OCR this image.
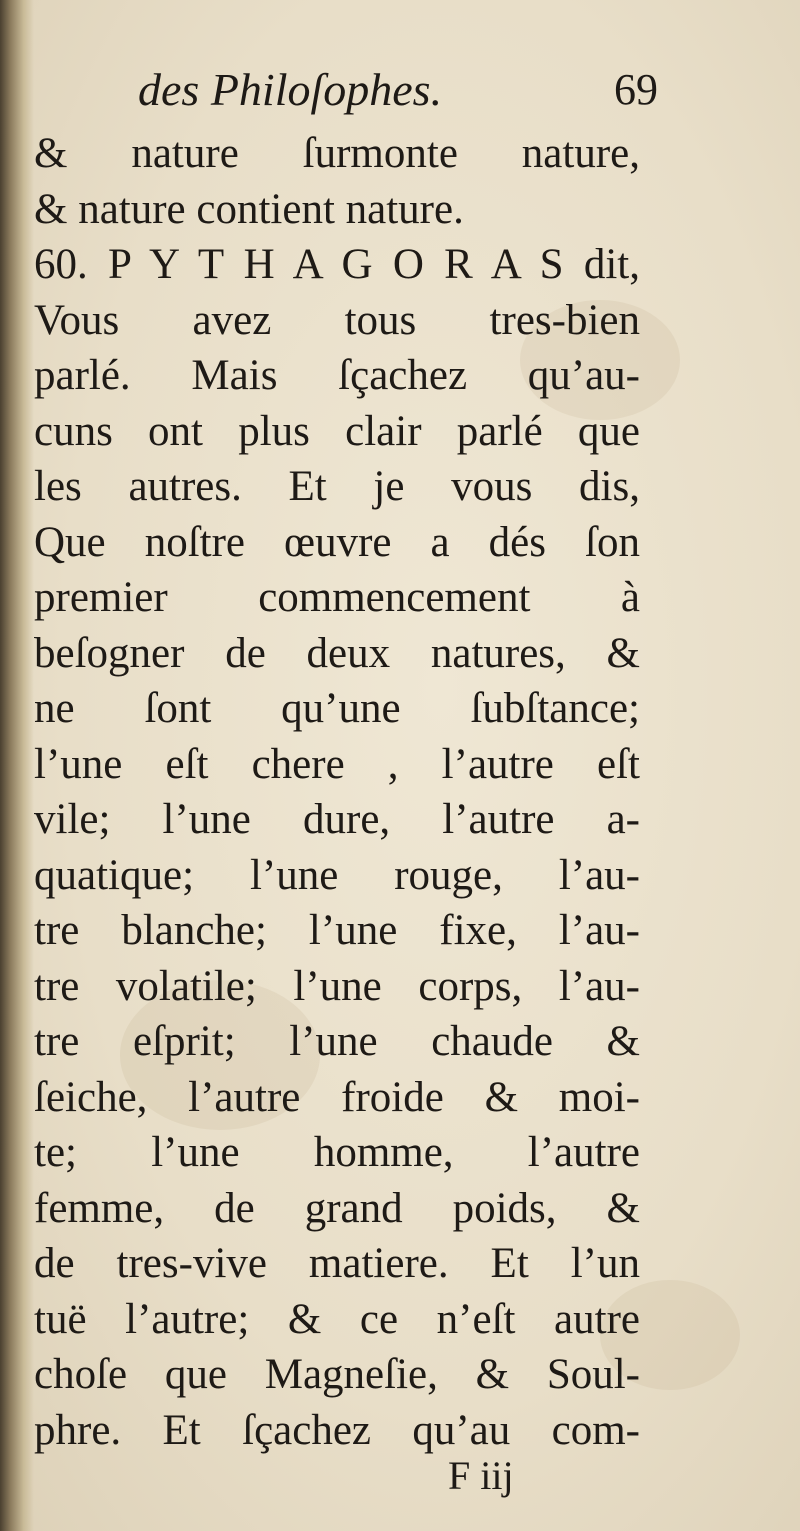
des Philoſophes.	69
& nature ſurmonte nature,
& nature contient nature.
60. P Y T H A G O R A S dit,
Vous avez tous tres-bien
parlé. Mais ſçachez qu’au-
cuns ont plus clair parlé que
les autres. Et je vous dis,
Que noſtre œuvre a dés ſon
premier commencement à
beſogner de deux natures, &
ne ſont qu’une ſubſtance;
l’une eſt chere , l’autre eſt
vile; l’une dure, l’autre a-
quatique; l’une rouge, l’au-
tre blanche; l’une fixe, l’au-
tre volatile; l’une corps, l’au-
tre eſprit; l’une chaude &
ſeiche, l’autre froide & moi-
te; l’une homme, l’autre
femme, de grand poids, &
de tres-vive matiere. Et l’un
tuë l’autre; & ce n’eſt autre
choſe que Magneſie, & Soul-
phre. Et ſçachez qu’au com-
F iij
